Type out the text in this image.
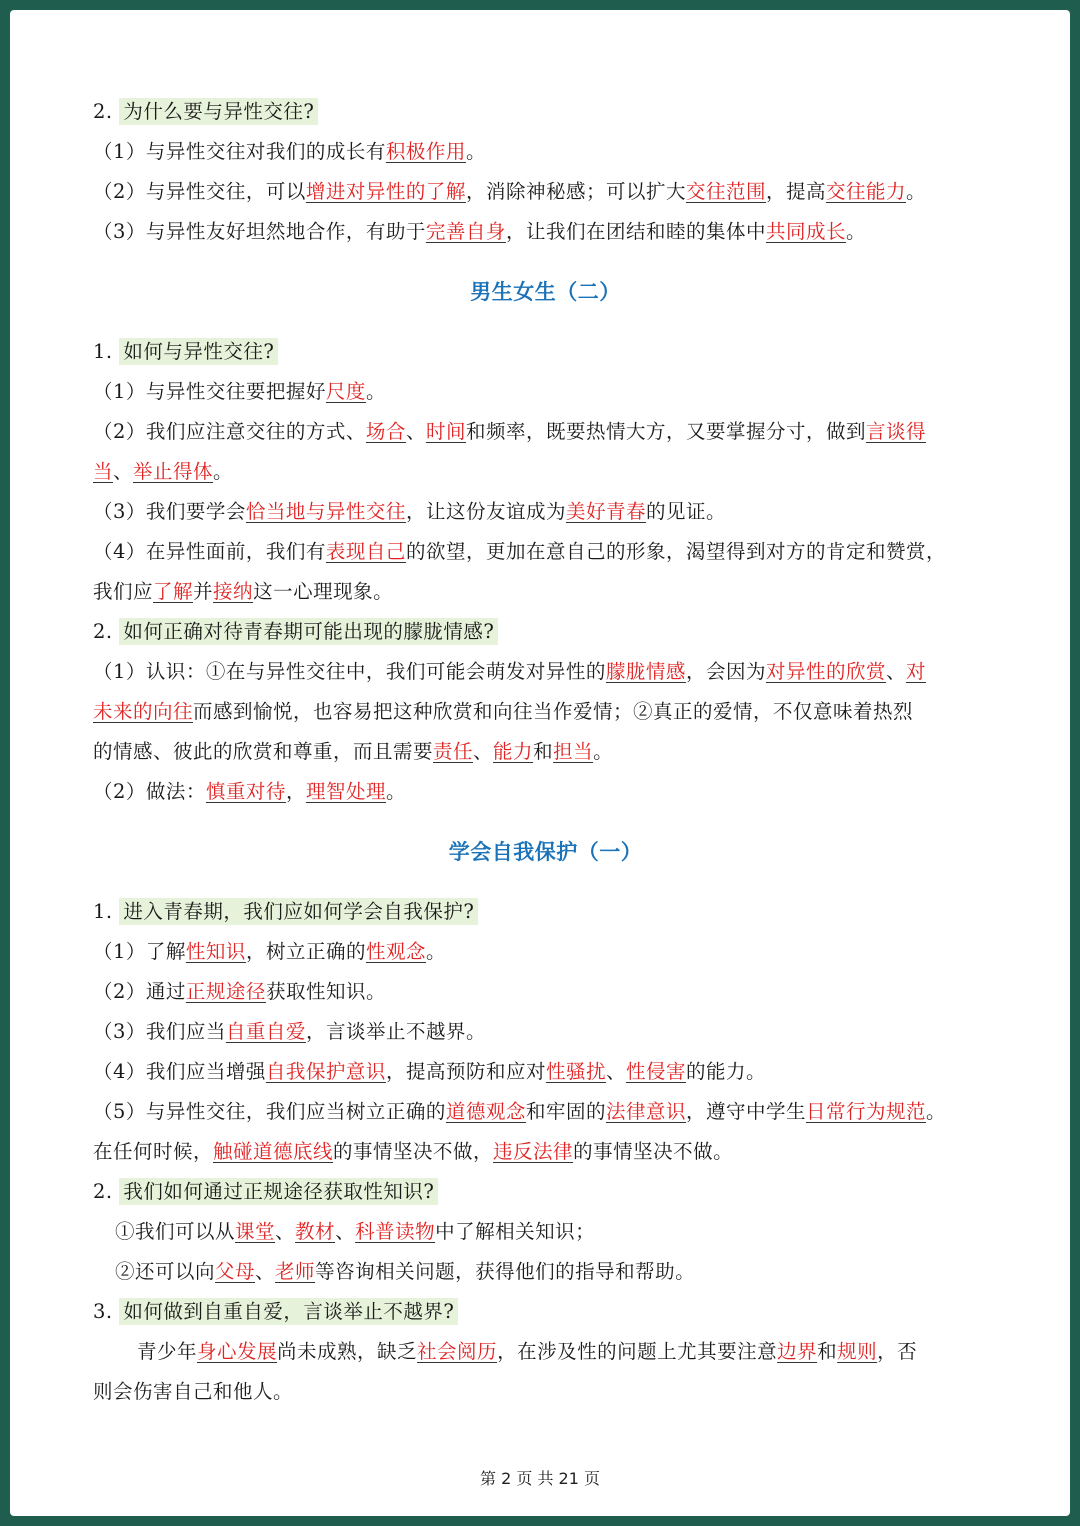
2. 为什么要与异性交往?
（1）与异性交往对我们的成长有积极作用。
（2）与异性交往，可以增进对异性的了解，消除神秘感；可以扩大交往范围，提高交往能力。
（3）与异性友好坦然地合作，有助于完善自身，让我们在团结和睦的集体中共同成长。
男生女生（二）
1. 如何与异性交往?
（1）与异性交往要把握好尺度。
（2）我们应注意交往的方式、场合、时间和频率，既要热情大方，又要掌握分寸，做到言谈得
当、举止得体。
（3）我们要学会恰当地与异性交往，让这份友谊成为美好青春的见证。
（4）在异性面前，我们有表现自己的欲望，更加在意自己的形象，渴望得到对方的肯定和赞赏，
我们应了解并接纳这一心理现象。
2. 如何正确对待青春期可能出现的朦胧情感?
（1）认识：①在与异性交往中，我们可能会萌发对异性的朦胧情感，会因为对异性的欣赏、对
未来的向往而感到愉悦，也容易把这种欣赏和向往当作爱情；②真正的爱情，不仅意味着热烈
的情感、彼此的欣赏和尊重，而且需要责任、能力和担当。
（2）做法：慎重对待，理智处理。
学会自我保护（一）
1. 进入青春期，我们应如何学会自我保护?
（1）了解性知识，树立正确的性观念。
（2）通过正规途径获取性知识。
（3）我们应当自重自爱，言谈举止不越界。
（4）我们应当增强自我保护意识，提高预防和应对性骚扰、性侵害的能力。
（5）与异性交往，我们应当树立正确的道德观念和牢固的法律意识，遵守中学生日常行为规范。
在任何时候，触碰道德底线的事情坚决不做，违反法律的事情坚决不做。
2. 我们如何通过正规途径获取性知识?
①我们可以从课堂、教材、科普读物中了解相关知识；
②还可以向父母、老师等咨询相关问题，获得他们的指导和帮助。
3. 如何做到自重自爱，言谈举止不越界?
青少年身心发展尚未成熟，缺乏社会阅历，在涉及性的问题上尤其要注意边界和规则，否
则会伤害自己和他人。
第 2 页 共 21 页
